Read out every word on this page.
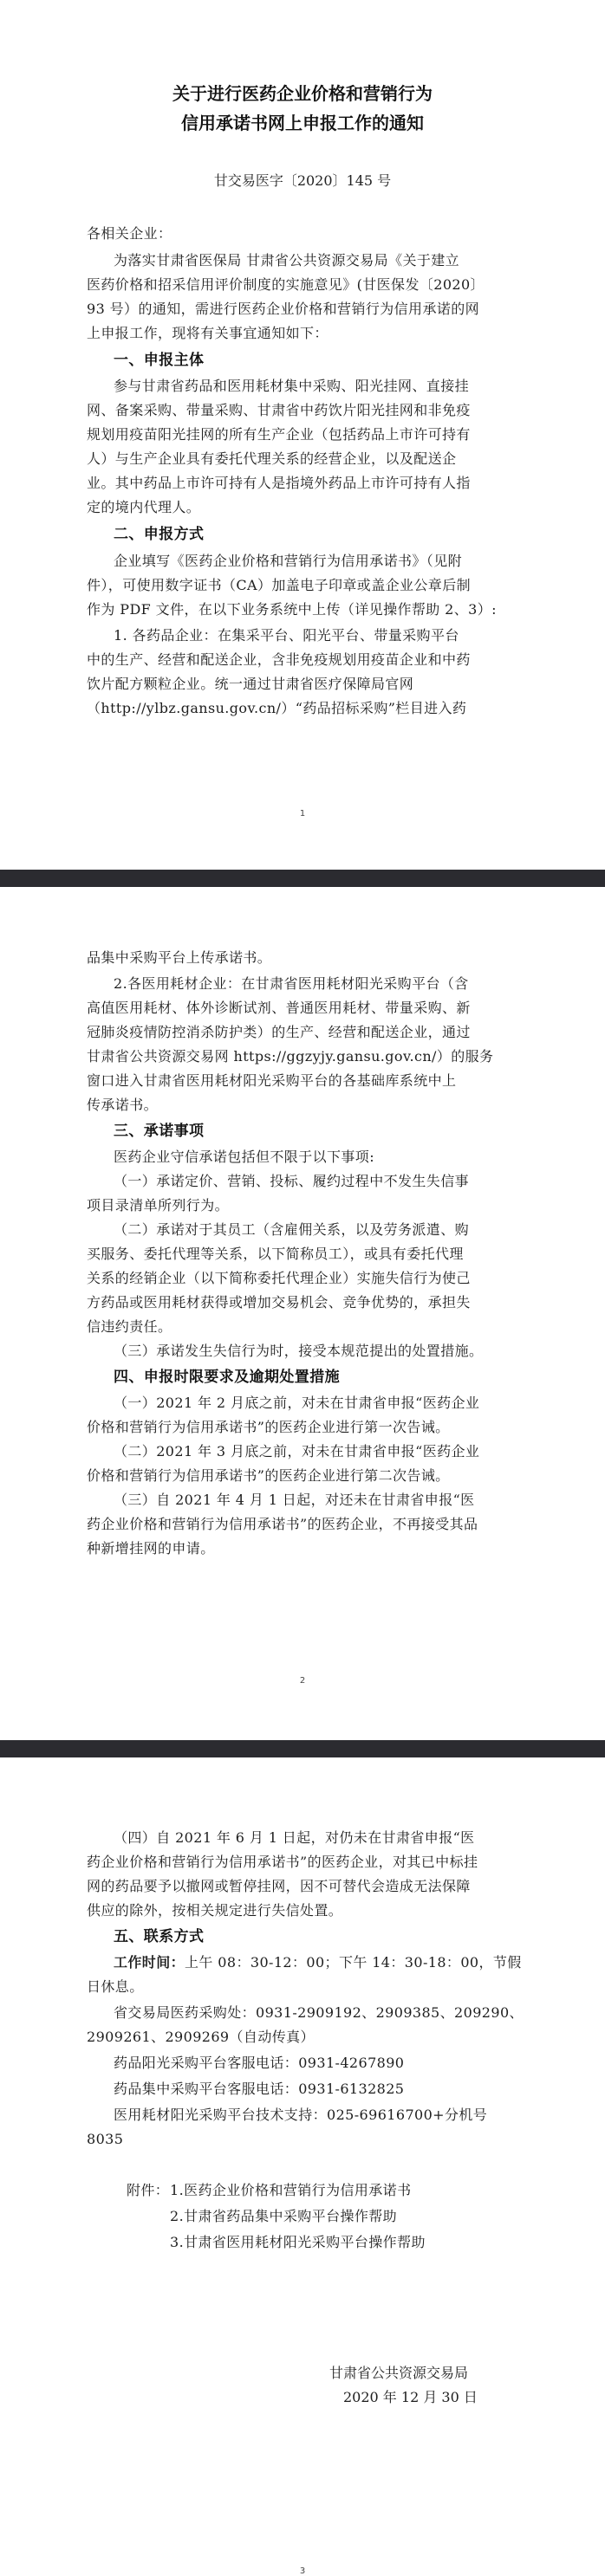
关于进行医药企业价格和营销行为
信用承诺书网上申报工作的通知
甘交易医字〔2020〕145 号
各相关企业：
为落实甘肃省医保局 甘肃省公共资源交易局《关于建立
医药价格和招采信用评价制度的实施意见》(甘医保发〔2020〕
93 号）的通知，需进行医药企业价格和营销行为信用承诺的网
上申报工作，现将有关事宜通知如下：
一、申报主体
参与甘肃省药品和医用耗材集中采购、阳光挂网、直接挂
网、备案采购、带量采购、甘肃省中药饮片阳光挂网和非免疫
规划用疫苗阳光挂网的所有生产企业（包括药品上市许可持有
人）与生产企业具有委托代理关系的经营企业，以及配送企
业。其中药品上市许可持有人是指境外药品上市许可持有人指
定的境内代理人。
二、申报方式
企业填写《医药企业价格和营销行为信用承诺书》（见附
件），可使用数字证书（CA）加盖电子印章或盖企业公章后制
作为 PDF 文件，在以下业务系统中上传（详见操作帮助 2、3）:
1. 各药品企业：在集采平台、阳光平台、带量采购平台
中的生产、经营和配送企业，含非免疫规划用疫苗企业和中药
饮片配方颗粒企业。统一通过甘肃省医疗保障局官网
（http://ylbz.gansu.gov.cn/）“药品招标采购”栏目进入药
1
品集中采购平台上传承诺书。
2.各医用耗材企业：在甘肃省医用耗材阳光采购平台（含
高值医用耗材、体外诊断试剂、普通医用耗材、带量采购、新
冠肺炎疫情防控消杀防护类）的生产、经营和配送企业，通过
甘肃省公共资源交易网 https://ggzyjy.gansu.gov.cn/）的服务
窗口进入甘肃省医用耗材阳光采购平台的各基础库系统中上
传承诺书。
三、承诺事项
医药企业守信承诺包括但不限于以下事项:
（一）承诺定价、营销、投标、履约过程中不发生失信事
项目录清单所列行为。
（二）承诺对于其员工（含雇佣关系，以及劳务派遣、购
买服务、委托代理等关系，以下简称员工），或具有委托代理
关系的经销企业（以下简称委托代理企业）实施失信行为使己
方药品或医用耗材获得或增加交易机会、竞争优势的，承担失
信违约责任。
（三）承诺发生失信行为时，接受本规范提出的处置措施。
四、申报时限要求及逾期处置措施
（一）2021 年 2 月底之前，对未在甘肃省申报“医药企业
价格和营销行为信用承诺书”的医药企业进行第一次告诫。
（二）2021 年 3 月底之前，对未在甘肃省申报“医药企业
价格和营销行为信用承诺书”的医药企业进行第二次告诫。
（三）自 2021 年 4 月 1 日起，对还未在甘肃省申报“医
药企业价格和营销行为信用承诺书”的医药企业，不再接受其品
种新增挂网的申请。
2
（四）自 2021 年 6 月 1 日起，对仍未在甘肃省申报“医
药企业价格和营销行为信用承诺书”的医药企业，对其已中标挂
网的药品要予以撤网或暂停挂网，因不可替代会造成无法保障
供应的除外，按相关规定进行失信处置。
五、联系方式
工作时间：上午 08：30-12：00；下午 14：30-18：00，节假
日休息。
省交易局医药采购处：0931-2909192、2909385、209290、
2909261、2909269（自动传真）
药品阳光采购平台客服电话：0931-4267890
药品集中采购平台客服电话：0931-6132825
医用耗材阳光采购平台技术支持：025-69616700+分机号
8035
附件： 1.医药企业价格和营销行为信用承诺书
2.甘肃省药品集中采购平台操作帮助
3.甘肃省医用耗材阳光采购平台操作帮助
甘肃省公共资源交易局
2020 年 12 月 30 日
3
